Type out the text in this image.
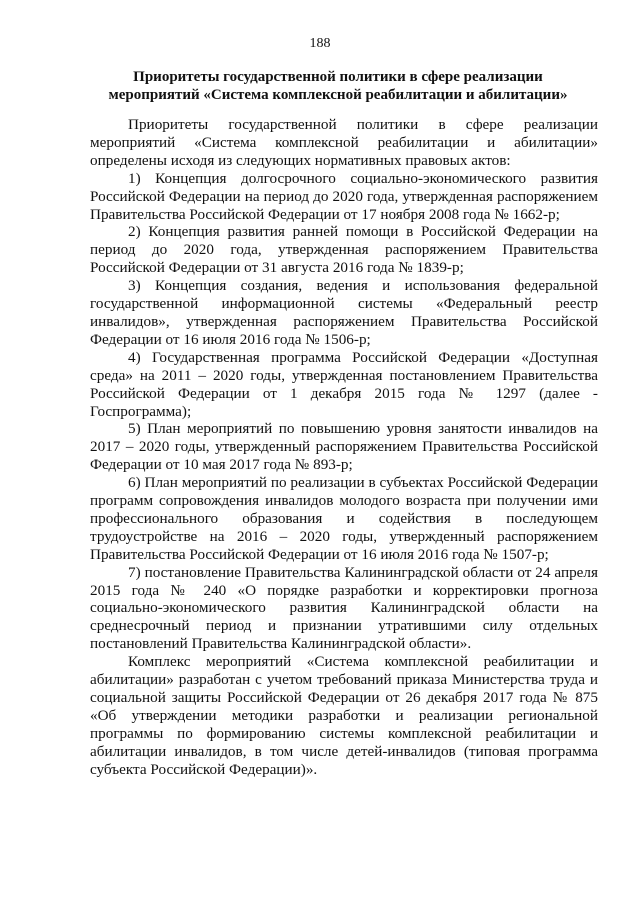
188
Приоритеты государственной политики в сфере реализации мероприятий «Система комплексной реабилитации и абилитации»

Приоритеты государственной политики в сфере реализации мероприятий «Система комплексной реабилитации и абилитации» определены исходя из следующих нормативных правовых актов:

1) Концепция долгосрочного социально-экономического развития Российской Федерации на период до 2020 года, утвержденная распоряжением Правительства Российской Федерации от 17 ноября 2008 года № 1662-р;

2) Концепция развития ранней помощи в Российской Федерации на период до 2020 года, утвержденная распоряжением Правительства Российской Федерации от 31 августа 2016 года № 1839-р;

3) Концепция создания, ведения и использования федеральной государственной информационной системы «Федеральный реестр инвалидов», утвержденная распоряжением Правительства Российской Федерации от 16 июля 2016 года № 1506-р;

4) Государственная программа Российской Федерации «Доступная среда» на 2011 – 2020 годы, утвержденная постановлением Правительства Российской Федерации от 1 декабря 2015 года № 1297 (далее - Госпрограмма);

5) План мероприятий по повышению уровня занятости инвалидов на 2017 – 2020 годы, утвержденный распоряжением Правительства Российской Федерации от 10 мая 2017 года № 893-р;

6) План мероприятий по реализации в субъектах Российской Федерации программ сопровождения инвалидов молодого возраста при получении ими профессионального образования и содействия в последующем трудоустройстве на 2016 – 2020 годы, утвержденный распоряжением Правительства Российской Федерации от 16 июля 2016 года № 1507-р;

7) постановление Правительства Калининградской области от 24 апреля 2015 года № 240 «О порядке разработки и корректировки прогноза социально-экономического развития Калининградской области на среднесрочный период и признании утратившими силу отдельных постановлений Правительства Калининградской области».

Комплекс мероприятий «Система комплексной реабилитации и абилитации» разработан с учетом требований приказа Министерства труда и социальной защиты Российской Федерации от 26 декабря 2017 года № 875 «Об утверждении методики разработки и реализации региональной программы по формированию системы комплексной реабилитации и абилитации инвалидов, в том числе детей-инвалидов (типовая программа субъекта Российской Федерации)».
